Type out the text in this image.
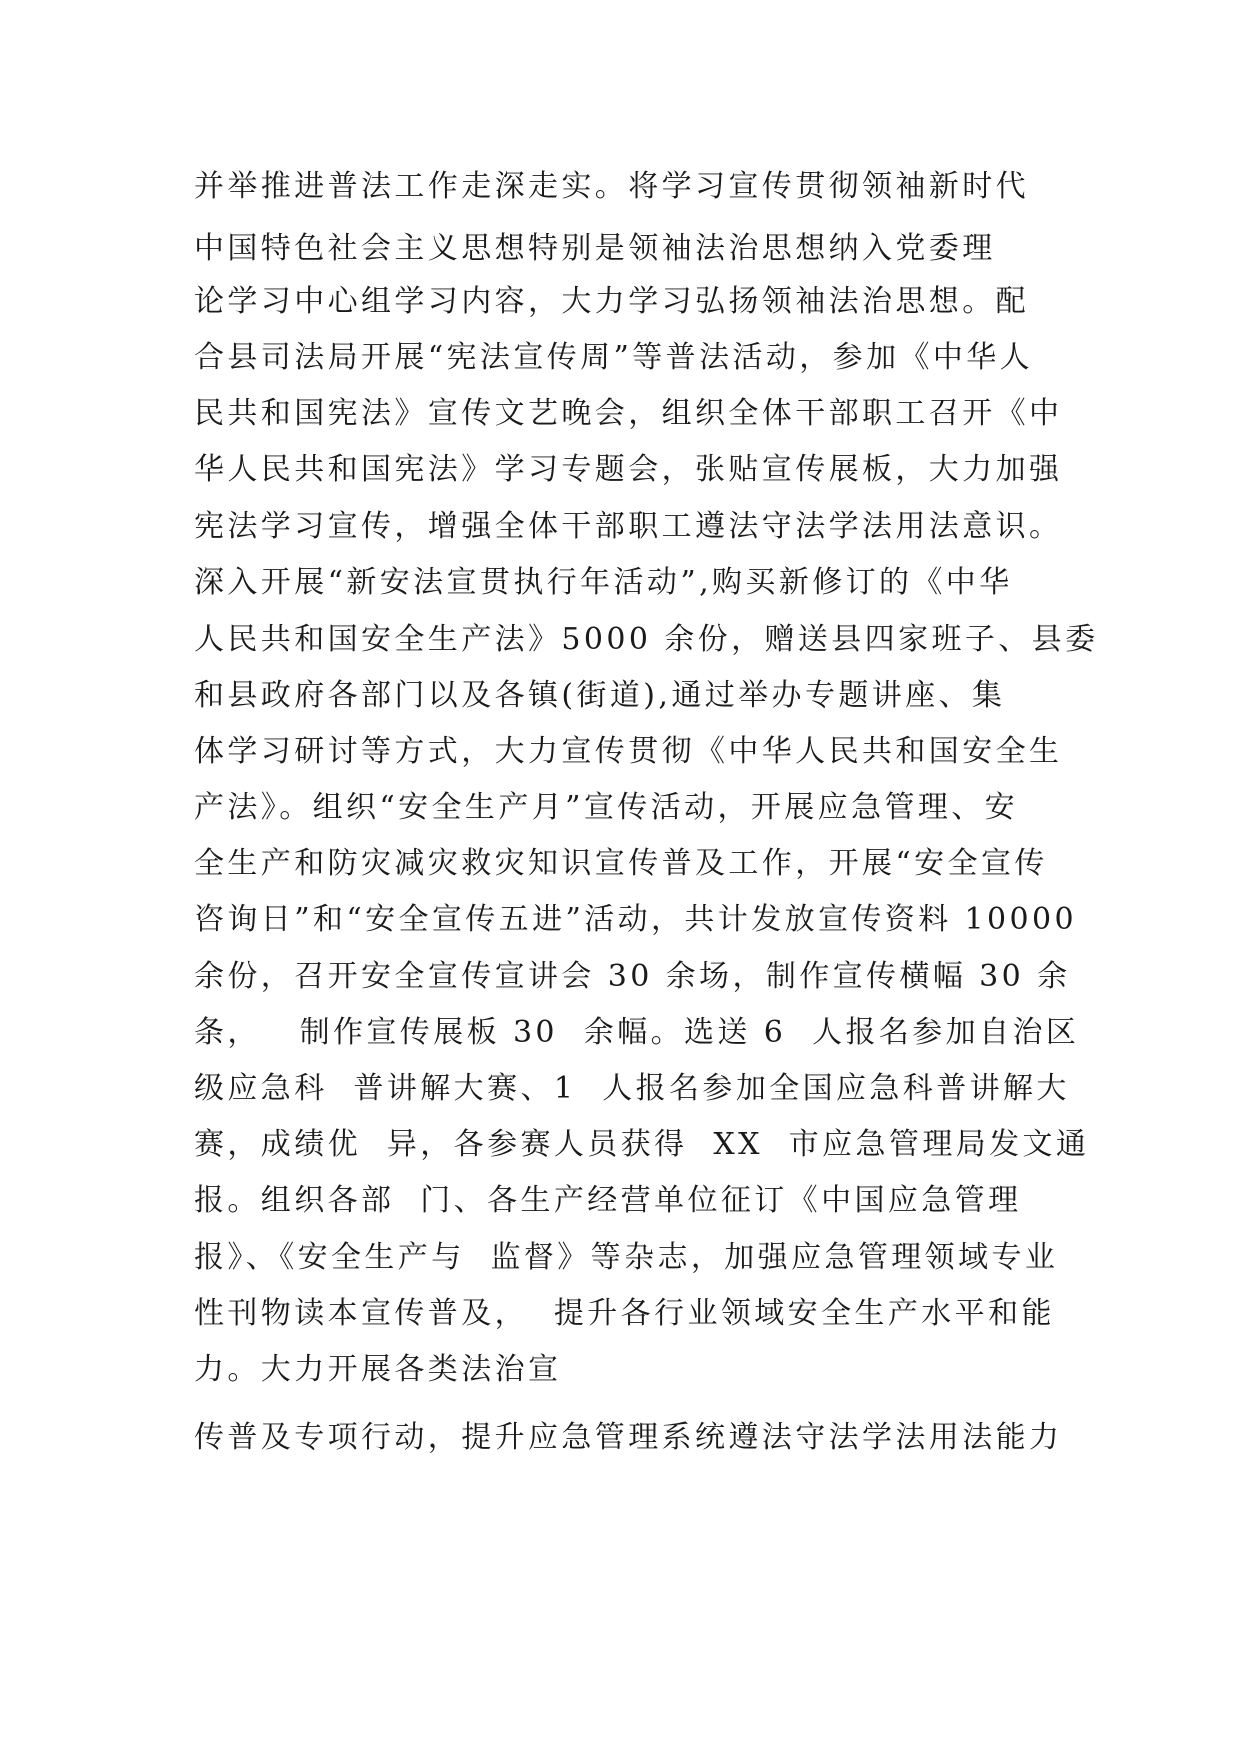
并举推进普法工作走深走实。将学习宣传贯彻领袖新时代

中国特色社会主义思想特别是领袖法治思想纳入党委理

论学习中心组学习内容，大力学习弘扬领袖法治思想。配

合县司法局开展“宪法宣传周”等普法活动，参加《中华人

民共和国宪法》宣传文艺晚会，组织全体干部职工召开《中

华人民共和国宪法》学习专题会，张贴宣传展板，大力加强

宪法学习宣传，增强全体干部职工遵法守法学法用法意识。

深入开展“新安法宣贯执行年活动”,购买新修订的《中华

人民共和国安全生产法》5000 余份，赠送县四家班子、县委

和县政府各部门以及各镇(街道),通过举办专题讲座、集

体学习研讨等方式，大力宣传贯彻《中华人民共和国安全生

产法》。组织“安全生产月”宣传活动，开展应急管理、安

全生产和防灾减灾救灾知识宣传普及工作，开展“安全宣传

咨询日”和“安全宣传五进”活动，共计发放宣传资料 10000

余份，召开安全宣传宣讲会 30 余场，制作宣传横幅 30 余

条，   制作宣传展板 30  余幅。选送 6  人报名参加自治区

级应急科  普讲解大赛、1  人报名参加全国应急科普讲解大

赛，成绩优  异，各参赛人员获得  XX  市应急管理局发文通

报。组织各部  门、各生产经营单位征订《中国应急管理

报》、《安全生产与  监督》等杂志，加强应急管理领域专业

性刊物读本宣传普及，  提升各行业领域安全生产水平和能

力。大力开展各类法治宣

传普及专项行动，提升应急管理系统遵法守法学法用法能力
